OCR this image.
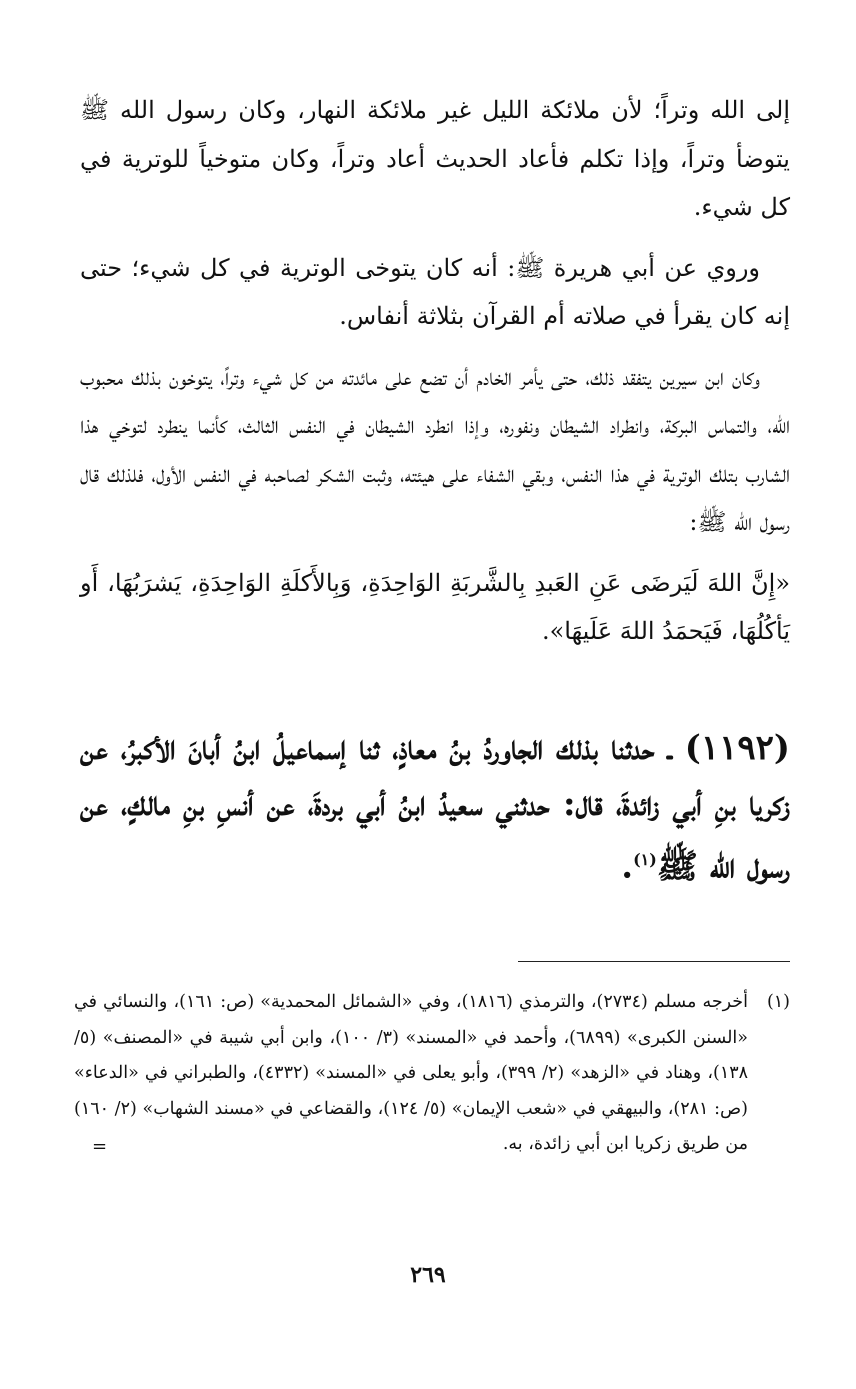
إلى الله وتراً؛ لأن ملائكة الليل غير ملائكة النهار، وكان رسول الله ﷺ يتوضأ وتراً، وإذا تكلم فأعاد الحديث أعاد وتراً، وكان متوخياً للوترية في كل شيء.

وروي عن أبي هريرة ﷺ: أنه كان يتوخى الوترية في كل شيء؛ حتى إنه كان يقرأ في صلاته أم القرآن بثلاثة أنفاس.

وكان ابن سيرين يتفقد ذلك، حتى يأمر الخادم أن تضع على مائدته من كل شيء وتراً، يتوخون بذلك محبوب الله، والتماس البركة، وانطراد الشيطان ونفوره، وإذا انطرد الشيطان في النفس الثالث، كأنما ينطرد لتوخي هذا الشارب بتلك الوترية في هذا النفس، وبقي الشفاء على هيئته، وثبت الشكر لصاحبه في النفس الأول، فلذلك قال رسول الله ﷺ:

«إِنَّ اللهَ لَيَرضَى عَنِ العَبدِ بِالشَّربَةِ الوَاحِدَةِ، وَبِالأَكلَةِ الوَاحِدَةِ، يَشرَبُهَا، أَو يَأكُلُهَا، فَيَحمَدُ اللهَ عَلَيهَا».

(١١٩٢) ـ حدثنا بذلك الجاوردُ بنُ معاذٍ، ثنا إسماعيلُ ابنُ أبانَ الأكبرُ، عن زكريا بنِ أبي زائدةَ، قال: حدثني سعيدُ ابنُ أبي بردةَ، عن أنسِ بنِ مالكٍ، عن رسول الله ﷺ$^{(١)}$.
(١)
أخرجه مسلم (٢٧٣٤)، والترمذي (١٨١٦)، وفي «الشمائل المحمدية» (ص: ١٦١)، والنسائي في «السنن الكبرى» (٦٨٩٩)، وأحمد في «المسند» (٣/ ١٠٠)، وابن أبي شيبة في «المصنف» (٥/ ١٣٨)، وهناد في «الزهد» (٢/ ٣٩٩)، وأبو يعلى في «المسند» (٤٣٣٢)، والطبراني في «الدعاء» (ص: ٢٨١)، والبيهقي في «شعب الإيمان» (٥/ ١٢٤)، والقضاعي في «مسند الشهاب» (٢/ ١٦٠) من طريق زكريا ابن أبي زائدة، به.
=
٢٦٩
